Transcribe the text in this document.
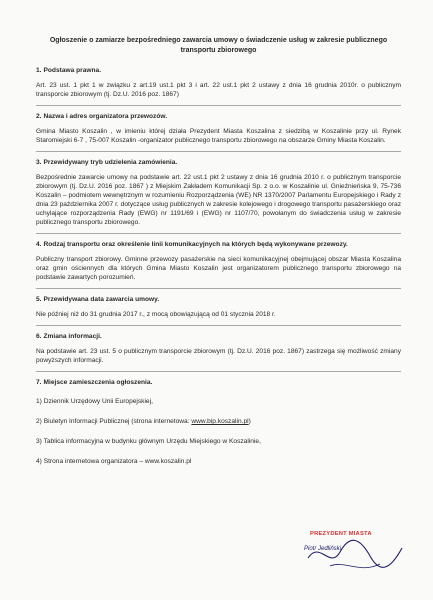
Ogłoszenie o zamiarze bezpośredniego zawarcia umowy o świadczenie usług w zakresie publicznego transportu zbiorowego
1. Podstawa prawna.
Art. 23 ust. 1 pkt 1 w związku z art.19 ust.1 pkt 3 i art. 22 ust.1 pkt 2 ustawy z dnia 16 grudnia 2010r. o publicznym transporcie zbiorowym (tj. Dz.U. 2016 poz. 1867)
2. Nazwa i adres organizatora przewozów.
Gmina Miasto Koszalin , w imieniu której działa Prezydent Miasta Koszalina z siedzibą w Koszalinie przy ul. Rynek Staromiejski 6-7 , 75-007 Koszalin -organizator publicznego transportu zbiorowego na obszarze Gminy Miasta Koszalin.
3. Przewidywany tryb udzielenia zamówienia.
Bezpośrednie zawarcie umowy na podstawie art. 22 ust.1 pkt 2 ustawy z dnia 16 grudnia 2010 r. o publicznym transporcie zbiorowym (tj. Dz.U. 2016 poz. 1867 ) z Miejskim Zakładem Komunikacji Sp. z o.o. w Koszalinie ul. Gnieźnieńska 9, 75-736 Koszalin – podmiotem wewnętrznym w rozumieniu Rozporządzenia (WE) NR 1370/2007 Parlamentu Europejskiego i Rady z dnia 23 października 2007 r. dotyczące usług publicznych w zakresie kolejowego i drogowego transportu pasażerskiego oraz uchylające rozporządzenia Rady (EWG) nr 1191/69 i (EWG) nr 1107/70, powołanym do świadczenia usług w zakresie publicznego transportu zbiorowego.
4. Rodzaj transportu oraz określenie linii komunikacyjnych na których będą wykonywane przewozy.
Publiczny transport zbiorowy. Gminne przewozy pasażerskie na sieci komunikacyjnej obejmującej obszar Miasta Koszalina oraz gmin ościennych dla których Gmina Miasto Koszalin jest organizatorem publicznego transportu zbiorowego na podstawie zawartych porozumień.
5. Przewidywana data zawarcia umowy.
Nie później niż do 31 grudnia 2017 r., z mocą obowiązującą od 01 stycznia 2018 r.
6. Zmiana informacji.
Na podstawie art. 23 ust. 5 o publicznym transporcie zbiorowym (tj. Dz.U. 2016 poz. 1867) zastrzega się możliwość zmiany powyższych informacji.
7. Miejsce zamieszczenia ogłoszenia.
1) Dziennik Urzędowy Unii Europejskiej,
2) Biuletyn Informacji Publicznej (strona internetowa: www.bip.koszalin.pl)
3) Tablica informacyjna w budynku głównym Urzędu Miejskiego w Koszalinie,
4) Strona internetowa organizatora – www.koszalin.pl
PREZYDENT MIASTA
Piotr Jedliński
